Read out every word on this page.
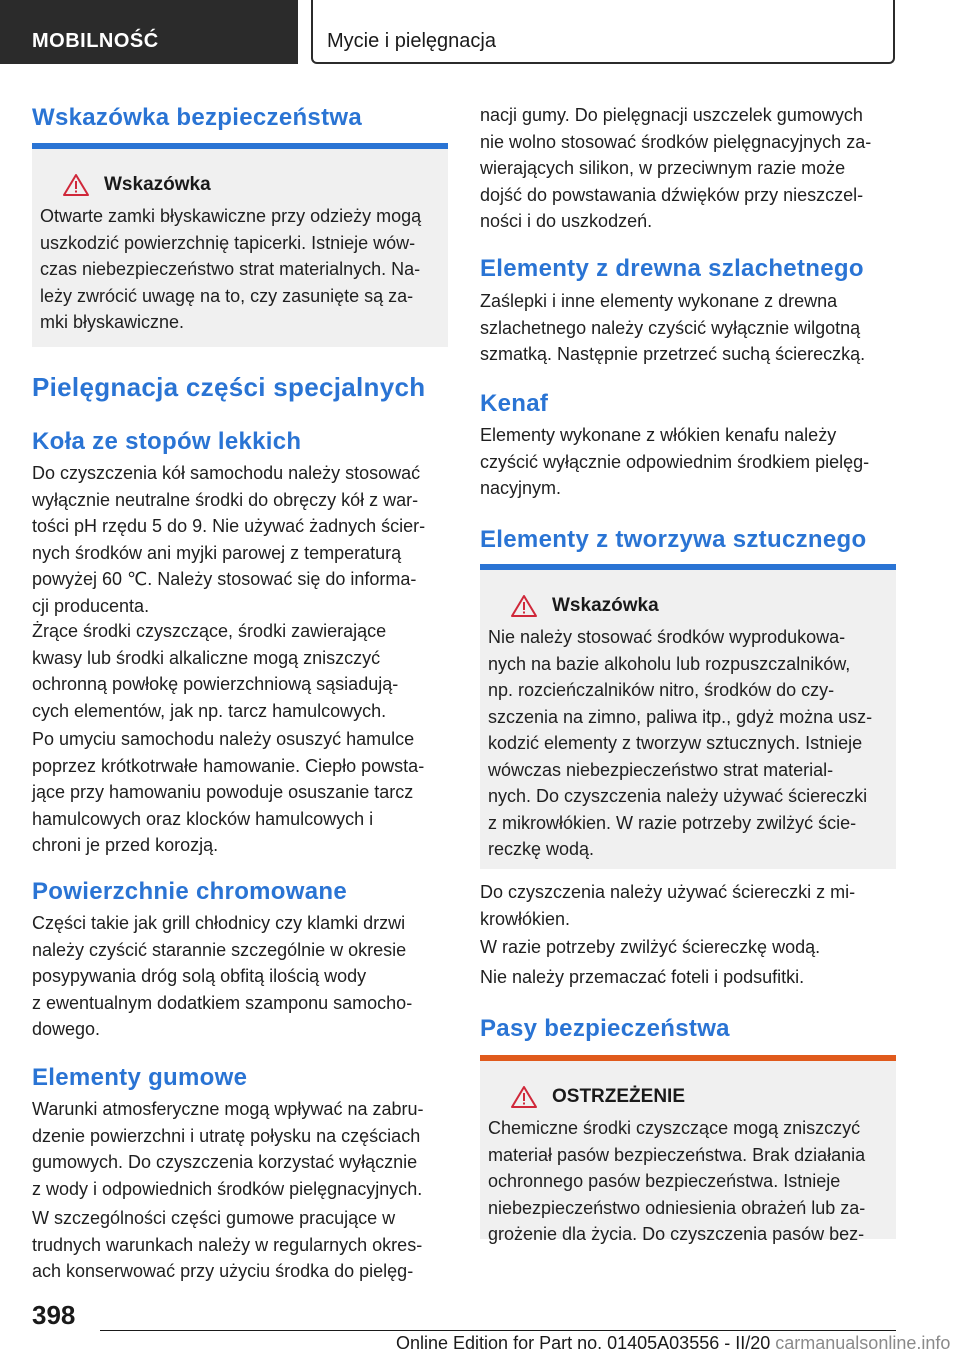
MOBILNOŚĆ	Mycie i pielęgnacja
Wskazówka bezpieczeństwa
Wskazówka

Otwarte zamki błyskawiczne przy odzieży mogą
uszkodzić powierzchnię tapicerki. Istnieje wów-
czas niebezpieczeństwo strat materialnych. Na-
leży zwrócić uwagę na to, czy zasunięte są za-
mki błyskawiczne.

Pielęgnacja części specjalnych
Koła ze stopów lekkich

Do czyszczenia kół samochodu należy stosować
wyłącznie neutralne środki do obręczy kół z war-
tości pH rzędu 5 do 9. Nie używać żadnych ścier-
nych środków ani myjki parowej z temperaturą
powyżej 60 ℃. Należy stosować się do informa-
cji producenta.

Żrące środki czyszczące, środki zawierające
kwasy lub środki alkaliczne mogą zniszczyć
ochronną powłokę powierzchniową sąsiadują-
cych elementów, jak np. tarcz hamulcowych.

Po umyciu samochodu należy osuszyć hamulce
poprzez krótkotrwałe hamowanie. Ciepło powsta-
jące przy hamowaniu powoduje osuszanie tarcz
hamulcowych oraz klocków hamulcowych i
chroni je przed korozją.

Powierzchnie chromowane

Części takie jak grill chłodnicy czy klamki drzwi
należy czyścić starannie szczególnie w okresie
posypywania dróg solą obfitą ilością wody
z ewentualnym dodatkiem szamponu samocho-
dowego.

Elementy gumowe

Warunki atmosferyczne mogą wpływać na zabru-
dzenie powierzchni i utratę połysku na częściach
gumowych. Do czyszczenia korzystać wyłącznie
z wody i odpowiednich środków pielęgnacyjnych.

W szczególności części gumowe pracujące w
trudnych warunkach należy w regularnych okres-
ach konserwować przy użyciu środka do pielęg-

nacji gumy. Do pielęgnacji uszczelek gumowych
nie wolno stosować środków pielęgnacyjnych za-
wierających silikon, w przeciwnym razie może
dojść do powstawania dźwięków przy nieszczel-
ności i do uszkodzeń.

Elementy z drewna szlachetnego

Zaślepki i inne elementy wykonane z drewna
szlachetnego należy czyścić wyłącznie wilgotną
szmatką. Następnie przetrzeć suchą ściereczką.

Kenaf

Elementy wykonane z włókien kenafu należy
czyścić wyłącznie odpowiednim środkiem pielęg-
nacyjnym.

Elementy z tworzywa sztucznego
Wskazówka

Nie należy stosować środków wyprodukowa-
nych na bazie alkoholu lub rozpuszczalników,
np. rozcieńczalników nitro, środków do czy-
szczenia na zimno, paliwa itp., gdyż można usz-
kodzić elementy z tworzyw sztucznych. Istnieje
wówczas niebezpieczeństwo strat material-
nych. Do czyszczenia należy używać ściereczki
z mikrowłókien. W razie potrzeby zwilżyć ście-
reczkę wodą.

Do czyszczenia należy używać ściereczki z mi-
krowłókien.

W razie potrzeby zwilżyć ściereczkę wodą.

Nie należy przemaczać foteli i podsufitki.

Pasy bezpieczeństwa
OSTRZEŻENIE

Chemiczne środki czyszczące mogą zniszczyć
materiał pasów bezpieczeństwa. Brak działania
ochronnego pasów bezpieczeństwa. Istnieje
niebezpieczeństwo odniesienia obrażeń lub za-
grożenie dla życia. Do czyszczenia pasów bez-

398
Online Edition for Part no. 01405A03556 - II/20 carmanualsonline.info
